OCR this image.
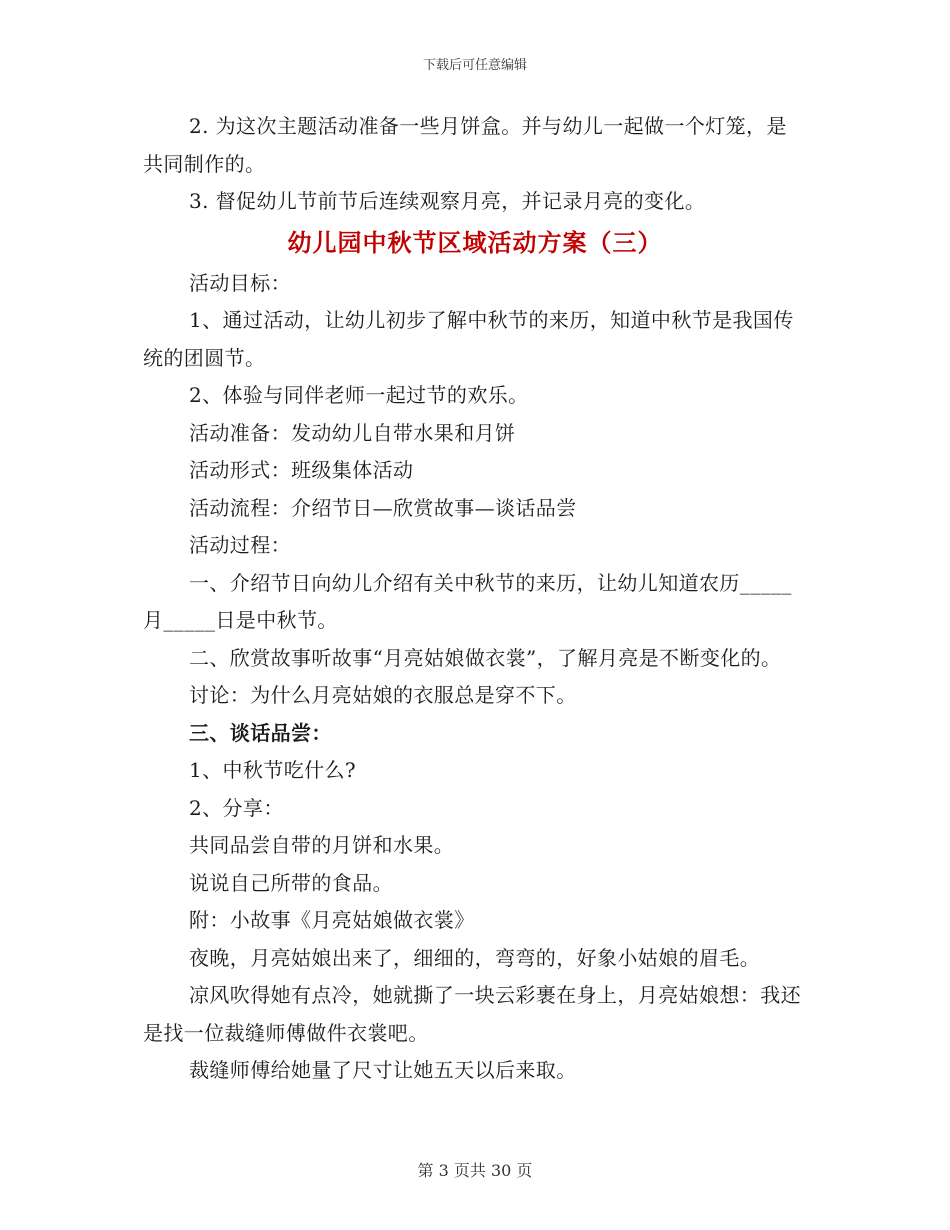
下载后可任意编辑

2. 为这次主题活动准备一些月饼盒。并与幼儿一起做一个灯笼，是共同制作的。

3. 督促幼儿节前节后连续观察月亮，并记录月亮的变化。

幼儿园中秋节区域活动方案（三）

活动目标：

1、通过活动，让幼儿初步了解中秋节的来历，知道中秋节是我国传统的团圆节。

2、体验与同伴老师一起过节的欢乐。

活动准备：发动幼儿自带水果和月饼

活动形式：班级集体活动

活动流程：介绍节日—欣赏故事—谈话品尝

活动过程：

一、介绍节日向幼儿介绍有关中秋节的来历，让幼儿知道农历_____月_____日是中秋节。

二、欣赏故事听故事“月亮姑娘做衣裳”，了解月亮是不断变化的。

讨论：为什么月亮姑娘的衣服总是穿不下。

三、谈话品尝：

1、中秋节吃什么?

2、分享：

共同品尝自带的月饼和水果。

说说自己所带的食品。

附：小故事《月亮姑娘做衣裳》

夜晚，月亮姑娘出来了，细细的，弯弯的，好象小姑娘的眉毛。

凉风吹得她有点冷，她就撕了一块云彩裹在身上，月亮姑娘想：我还是找一位裁缝师傅做件衣裳吧。

裁缝师傅给她量了尺寸让她五天以后来取。

第 3 页共 30 页
